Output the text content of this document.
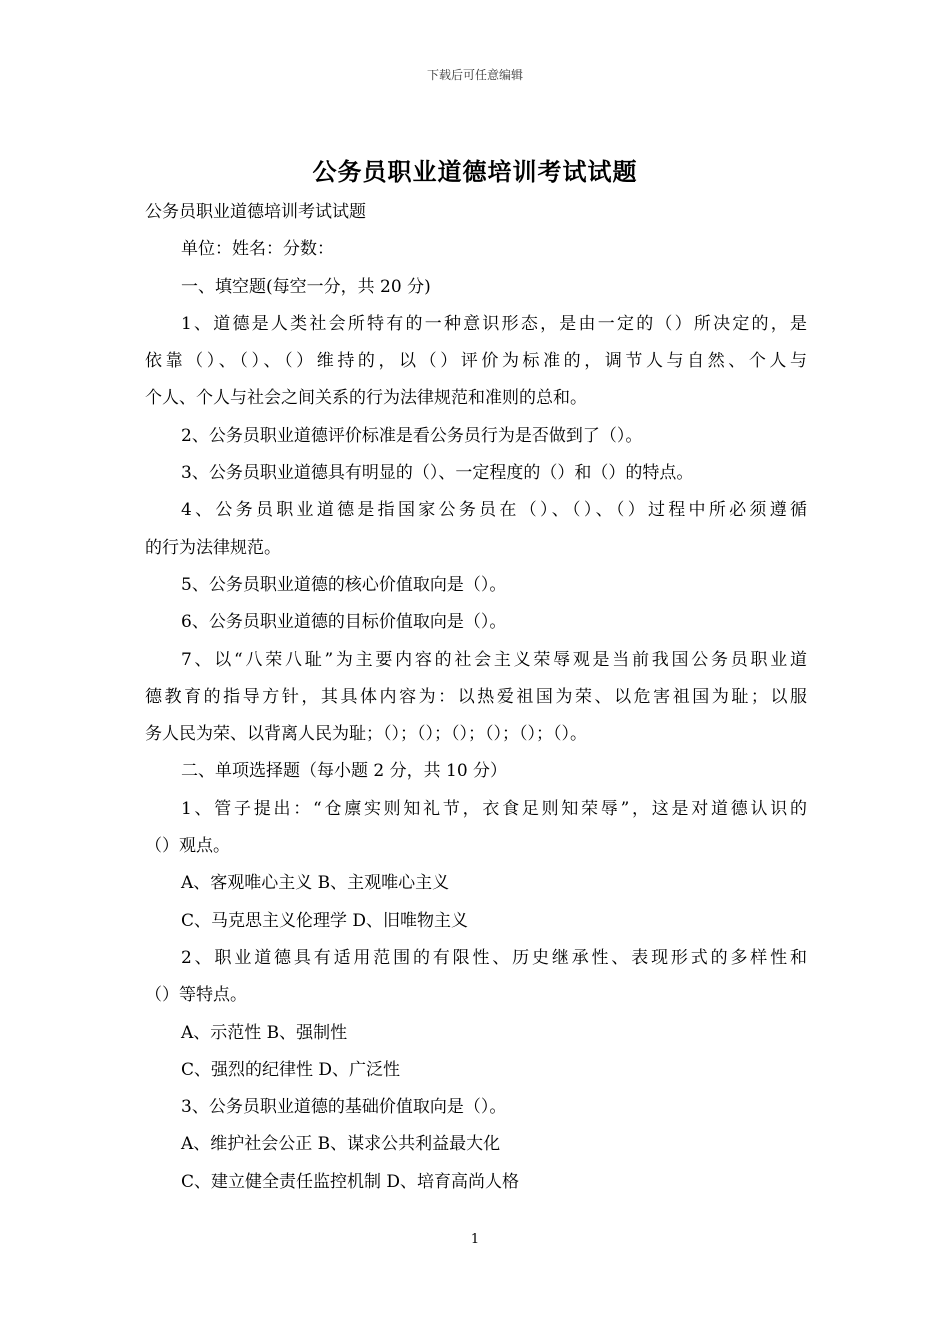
下载后可任意编辑
公务员职业道德培训考试试题
公务员职业道德培训考试试题
单位：姓名：分数：
一、填空题(每空一分，共 20 分)
1、道德是人类社会所特有的一种意识形态，是由一定的（）所决定的，是
依靠（）、（）、（）维持的，以（）评价为标准的，调节人与自然、个人与
个人、个人与社会之间关系的行为法律规范和准则的总和。
2、公务员职业道德评价标准是看公务员行为是否做到了（）。
3、公务员职业道德具有明显的（）、一定程度的（）和（）的特点。
4、公务员职业道德是指国家公务员在（）、（）、（）过程中所必须遵循
的行为法律规范。
5、公务员职业道德的核心价值取向是（）。
6、公务员职业道德的目标价值取向是（）。
7、以“八荣八耻”为主要内容的社会主义荣辱观是当前我国公务员职业道
德教育的指导方针，其具体内容为：以热爱祖国为荣、以危害祖国为耻；以服
务人民为荣、以背离人民为耻；（）；（）；（）；（）；（）；（）。
二、单项选择题（每小题 2 分，共 10 分）
1、管子提出：“仓廪实则知礼节，衣食足则知荣辱”，这是对道德认识的
（）观点。
A、客观唯心主义 B、主观唯心主义
C、马克思主义伦理学 D、旧唯物主义
2、职业道德具有适用范围的有限性、历史继承性、表现形式的多样性和
（）等特点。
A、示范性 B、强制性
C、强烈的纪律性 D、广泛性
3、公务员职业道德的基础价值取向是（）。
A、维护社会公正 B、谋求公共利益最大化
C、建立健全责任监控机制 D、培育高尚人格
1
